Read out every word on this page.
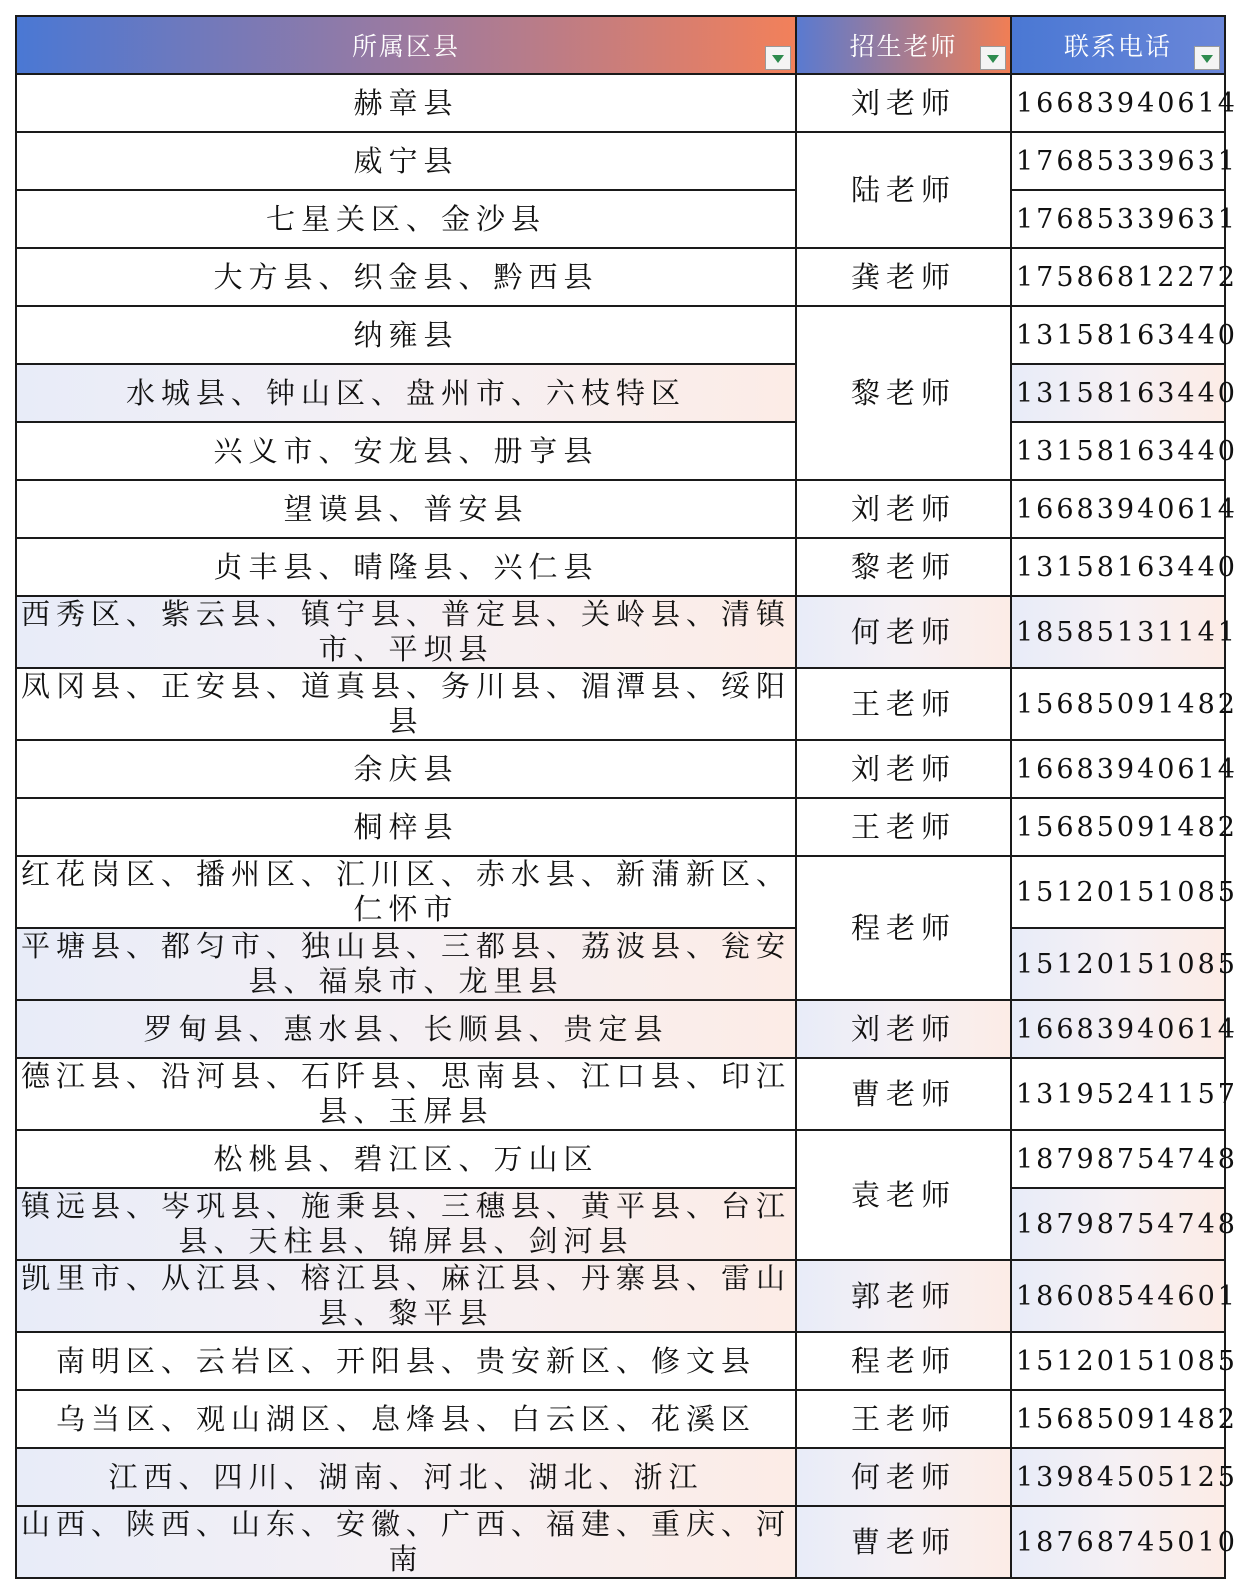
所属区县	招生老师	联系电话

赫章县	刘老师	16683940614
威宁县	陆老师	17685339631
七星关区、金沙县		17685339631
大方县、织金县、黔西县	龚老师	17586812272
纳雍县	黎老师	13158163440
水城县、钟山区、盘州市、六枝特区		13158163440
兴义市、安龙县、册亨县		13158163440
望谟县、普安县	刘老师	16683940614
贞丰县、晴隆县、兴仁县	黎老师	13158163440
西秀区、紫云县、镇宁县、普定县、关岭县、清镇市、平坝县	何老师	18585131141
凤冈县、正安县、道真县、务川县、湄潭县、绥阳县	王老师	15685091482
余庆县	刘老师	16683940614
桐梓县	王老师	15685091482
红花岗区、播州区、汇川区、赤水县、新蒲新区、仁怀市	程老师	15120151085
平塘县、都匀市、独山县、三都县、荔波县、瓮安县、福泉市、龙里县		15120151085
罗甸县、惠水县、长顺县、贵定县	刘老师	16683940614
德江县、沿河县、石阡县、思南县、江口县、印江县、玉屏县	曹老师	13195241157
松桃县、碧江区、万山区	袁老师	18798754748
镇远县、岑巩县、施秉县、三穗县、黄平县、台江县、天柱县、锦屏县、剑河县		18798754748
凯里市、从江县、榕江县、麻江县、丹寨县、雷山县、黎平县	郭老师	18608544601
南明区、云岩区、开阳县、贵安新区、修文县	程老师	15120151085
乌当区、观山湖区、息烽县、白云区、花溪区	王老师	15685091482
江西、四川、湖南、河北、湖北、浙江	何老师	13984505125
山西、陕西、山东、安徽、广西、福建、重庆、河南	曹老师	18768745010
